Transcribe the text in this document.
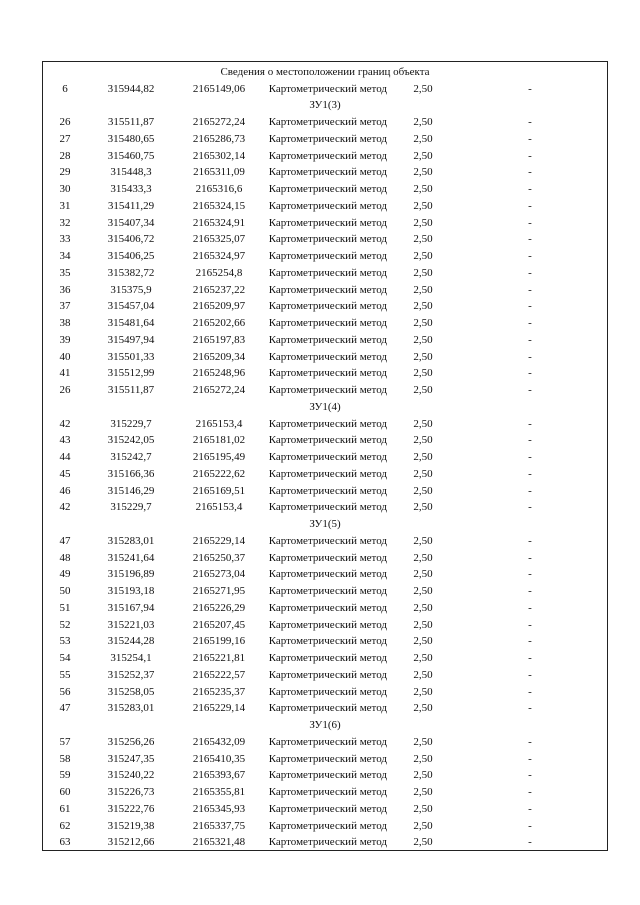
Сведения о местоположении границ объекта
6	315944,82	2165149,06	Картометрический метод	2,50	-
ЗУ1(3)
26	315511,87	2165272,24	Картометрический метод	2,50	-
27	315480,65	2165286,73	Картометрический метод	2,50	-
28	315460,75	2165302,14	Картометрический метод	2,50	-
29	315448,3	2165311,09	Картометрический метод	2,50	-
30	315433,3	2165316,6	Картометрический метод	2,50	-
31	315411,29	2165324,15	Картометрический метод	2,50	-
32	315407,34	2165324,91	Картометрический метод	2,50	-
33	315406,72	2165325,07	Картометрический метод	2,50	-
34	315406,25	2165324,97	Картометрический метод	2,50	-
35	315382,72	2165254,8	Картометрический метод	2,50	-
36	315375,9	2165237,22	Картометрический метод	2,50	-
37	315457,04	2165209,97	Картометрический метод	2,50	-
38	315481,64	2165202,66	Картометрический метод	2,50	-
39	315497,94	2165197,83	Картометрический метод	2,50	-
40	315501,33	2165209,34	Картометрический метод	2,50	-
41	315512,99	2165248,96	Картометрический метод	2,50	-
26	315511,87	2165272,24	Картометрический метод	2,50	-
ЗУ1(4)
42	315229,7	2165153,4	Картометрический метод	2,50	-
43	315242,05	2165181,02	Картометрический метод	2,50	-
44	315242,7	2165195,49	Картометрический метод	2,50	-
45	315166,36	2165222,62	Картометрический метод	2,50	-
46	315146,29	2165169,51	Картометрический метод	2,50	-
42	315229,7	2165153,4	Картометрический метод	2,50	-
ЗУ1(5)
47	315283,01	2165229,14	Картометрический метод	2,50	-
48	315241,64	2165250,37	Картометрический метод	2,50	-
49	315196,89	2165273,04	Картометрический метод	2,50	-
50	315193,18	2165271,95	Картометрический метод	2,50	-
51	315167,94	2165226,29	Картометрический метод	2,50	-
52	315221,03	2165207,45	Картометрический метод	2,50	-
53	315244,28	2165199,16	Картометрический метод	2,50	-
54	315254,1	2165221,81	Картометрический метод	2,50	-
55	315252,37	2165222,57	Картометрический метод	2,50	-
56	315258,05	2165235,37	Картометрический метод	2,50	-
47	315283,01	2165229,14	Картометрический метод	2,50	-
ЗУ1(6)
57	315256,26	2165432,09	Картометрический метод	2,50	-
58	315247,35	2165410,35	Картометрический метод	2,50	-
59	315240,22	2165393,67	Картометрический метод	2,50	-
60	315226,73	2165355,81	Картометрический метод	2,50	-
61	315222,76	2165345,93	Картометрический метод	2,50	-
62	315219,38	2165337,75	Картометрический метод	2,50	-
63	315212,66	2165321,48	Картометрический метод	2,50	-
